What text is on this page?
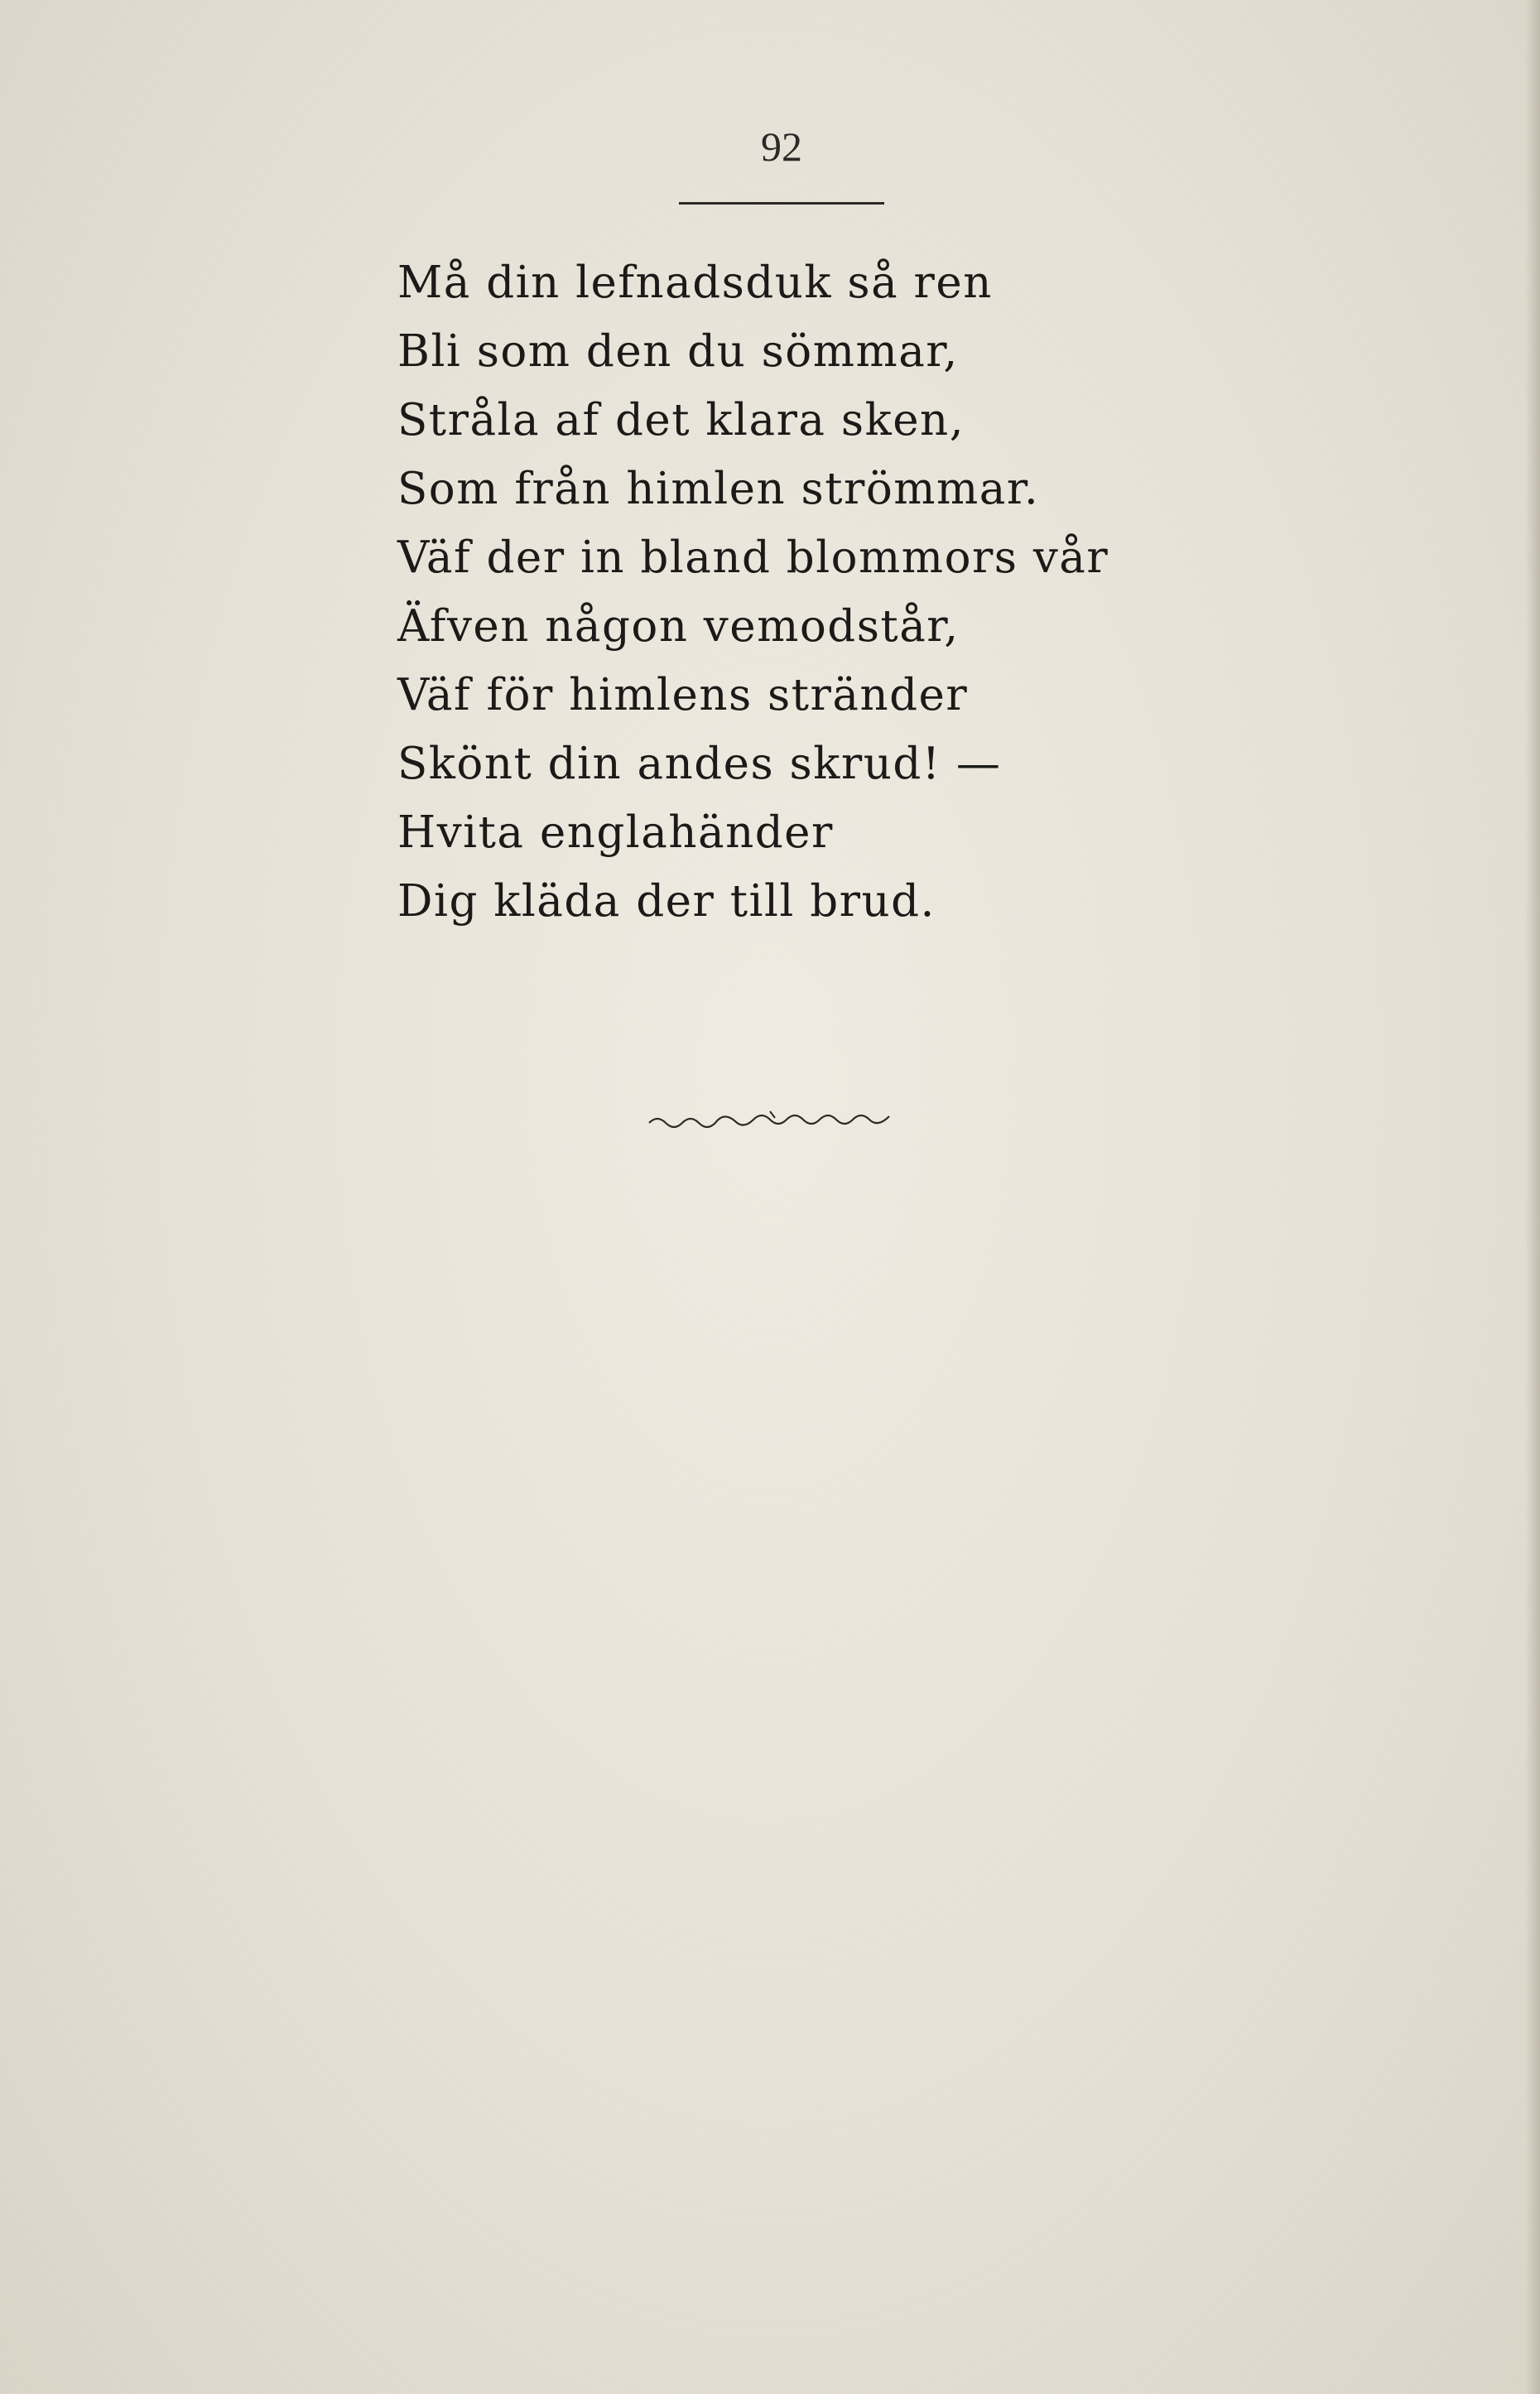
92
Må din lefnadsduk så ren
Bli som den du sömmar,
Stråla af det klara sken,
Som från himlen strömmar.
Väf der in bland blommors vår
Äfven någon vemodstår,
Väf för himlens stränder
Skönt din andes skrud! —
Hvita englahänder
Dig kläda der till brud.
